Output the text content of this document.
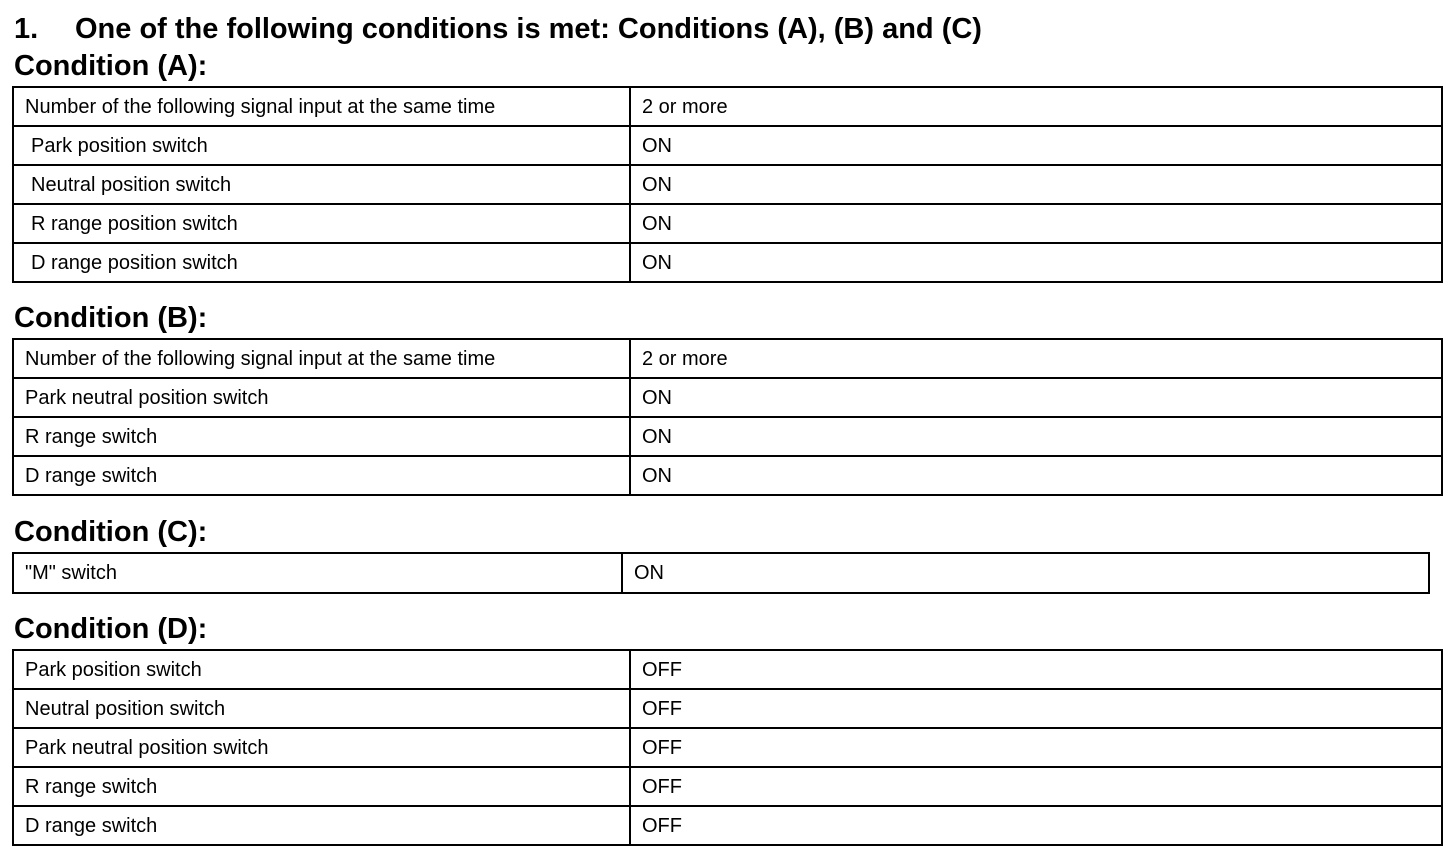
1. One of the following conditions is met: Conditions (A), (B) and (C)
Condition (A):
Number of the following signal input at the same time	2 or more
Park position switch	ON
Neutral position switch	ON
R range position switch	ON
D range position switch	ON
Condition (B):
Number of the following signal input at the same time	2 or more
Park neutral position switch	ON
R range switch	ON
D range switch	ON
Condition (C):
"M" switch	ON
Condition (D):
Park position switch	OFF
Neutral position switch	OFF
Park neutral position switch	OFF
R range switch	OFF
D range switch	OFF
